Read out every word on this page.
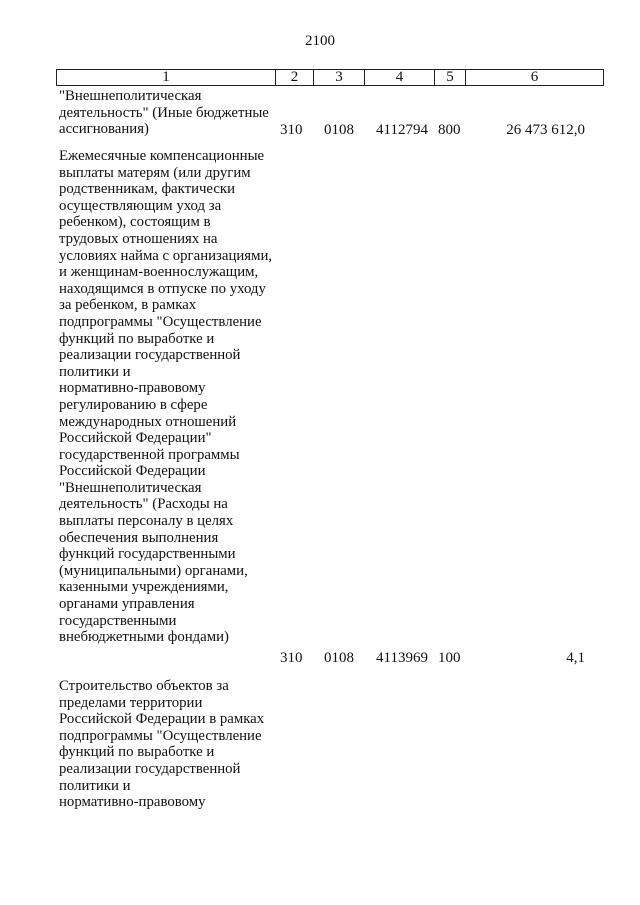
2100
1	2	3	4	5	6

"Внешнеполитическая
деятельность" (Иные бюджетные
ассигнования)	310 0108 4112794 800	26 473 612,0

Ежемесячные компенсационные
выплаты матерям (или другим
родственникам, фактически
осуществляющим уход за
ребенком), состоящим в
трудовых отношениях на
условиях найма с организациями,
и женщинам-военнослужащим,
находящимся в отпуске по уходу
за ребенком, в рамках
подпрограммы "Осуществление
функций по выработке и
реализации государственной
политики и
нормативно-правовому
регулированию в сфере
международных отношений
Российской Федерации"
государственной программы
Российской Федерации
"Внешнеполитическая
деятельность" (Расходы на
выплаты персоналу в целях
обеспечения выполнения
функций государственными
(муниципальными) органами,
казенными учреждениями,
органами управления
государственными
внебюджетными фондами)

310 0108 4113969 100	4,1

Строительство объектов за
пределами территории
Российской Федерации в рамках
подпрограммы "Осуществление
функций по выработке и
реализации государственной
политики и
нормативно-правовому
